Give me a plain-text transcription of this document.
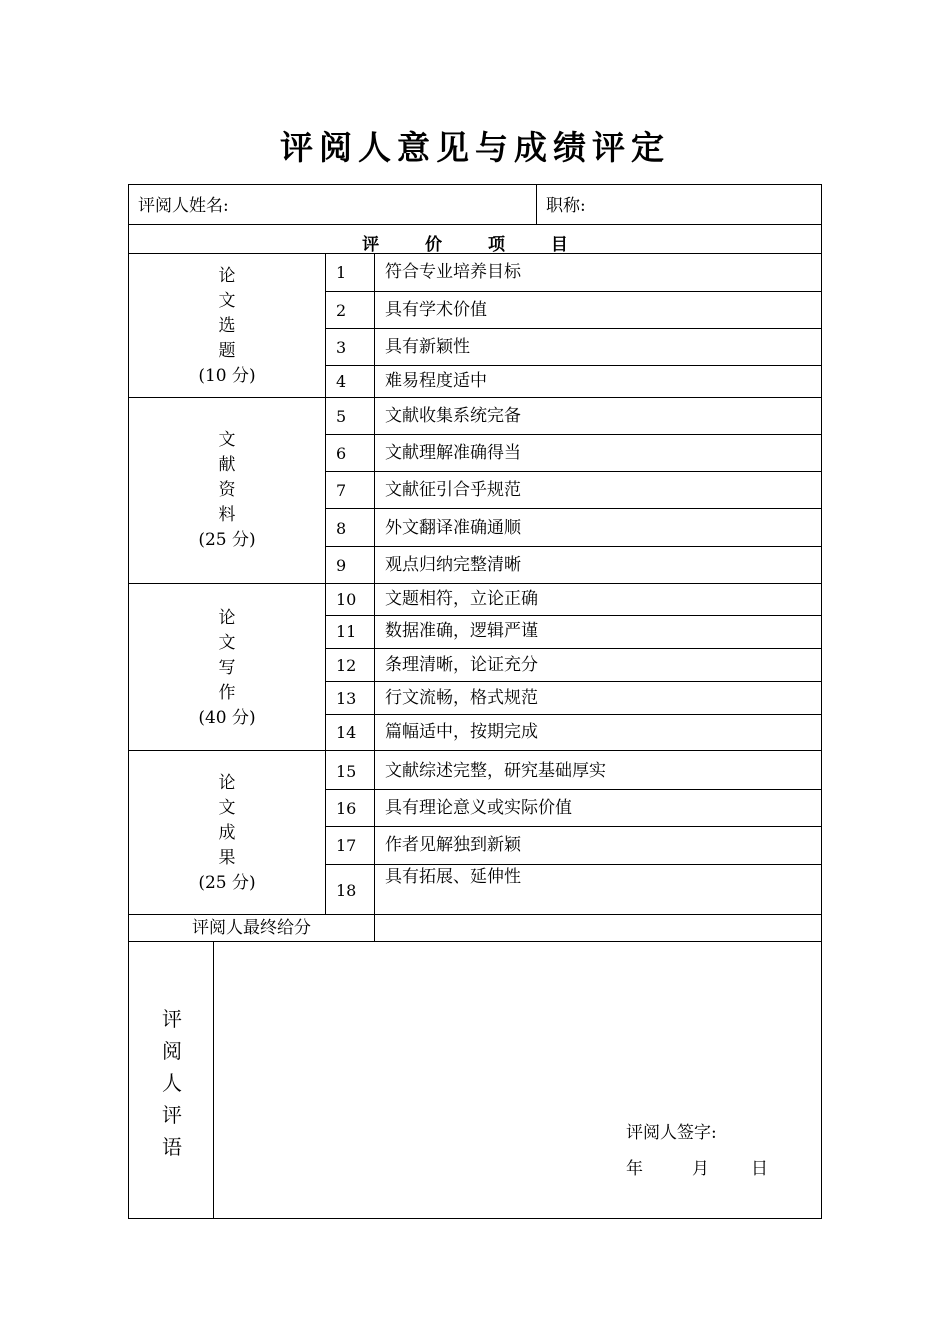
评阅人意见与成绩评定
评阅人姓名:	职称:
评 价 项 目
论
文
选
题
(10 分)
文
献
资
料
(25 分)
论
文
写
作
(40 分)
论
文
成
果
(25 分)
1 符合专业培养目标
2 具有学术价值
3 具有新颖性
4 难易程度适中
5 文献收集系统完备
6 文献理解准确得当
7 文献征引合乎规范
8 外文翻译准确通顺
9 观点归纳完整清晰
10 文题相符，立论正确
11 数据准确，逻辑严谨
12 条理清晰，论证充分
13 行文流畅，格式规范
14 篇幅适中，按期完成
15 文献综述完整，研究基础厚实
16 具有理论意义或实际价值
17 作者见解独到新颖
18
具有拓展、延伸性
评阅人最终给分
评
阅
人
评
语
评阅人签字:
年	月 日
